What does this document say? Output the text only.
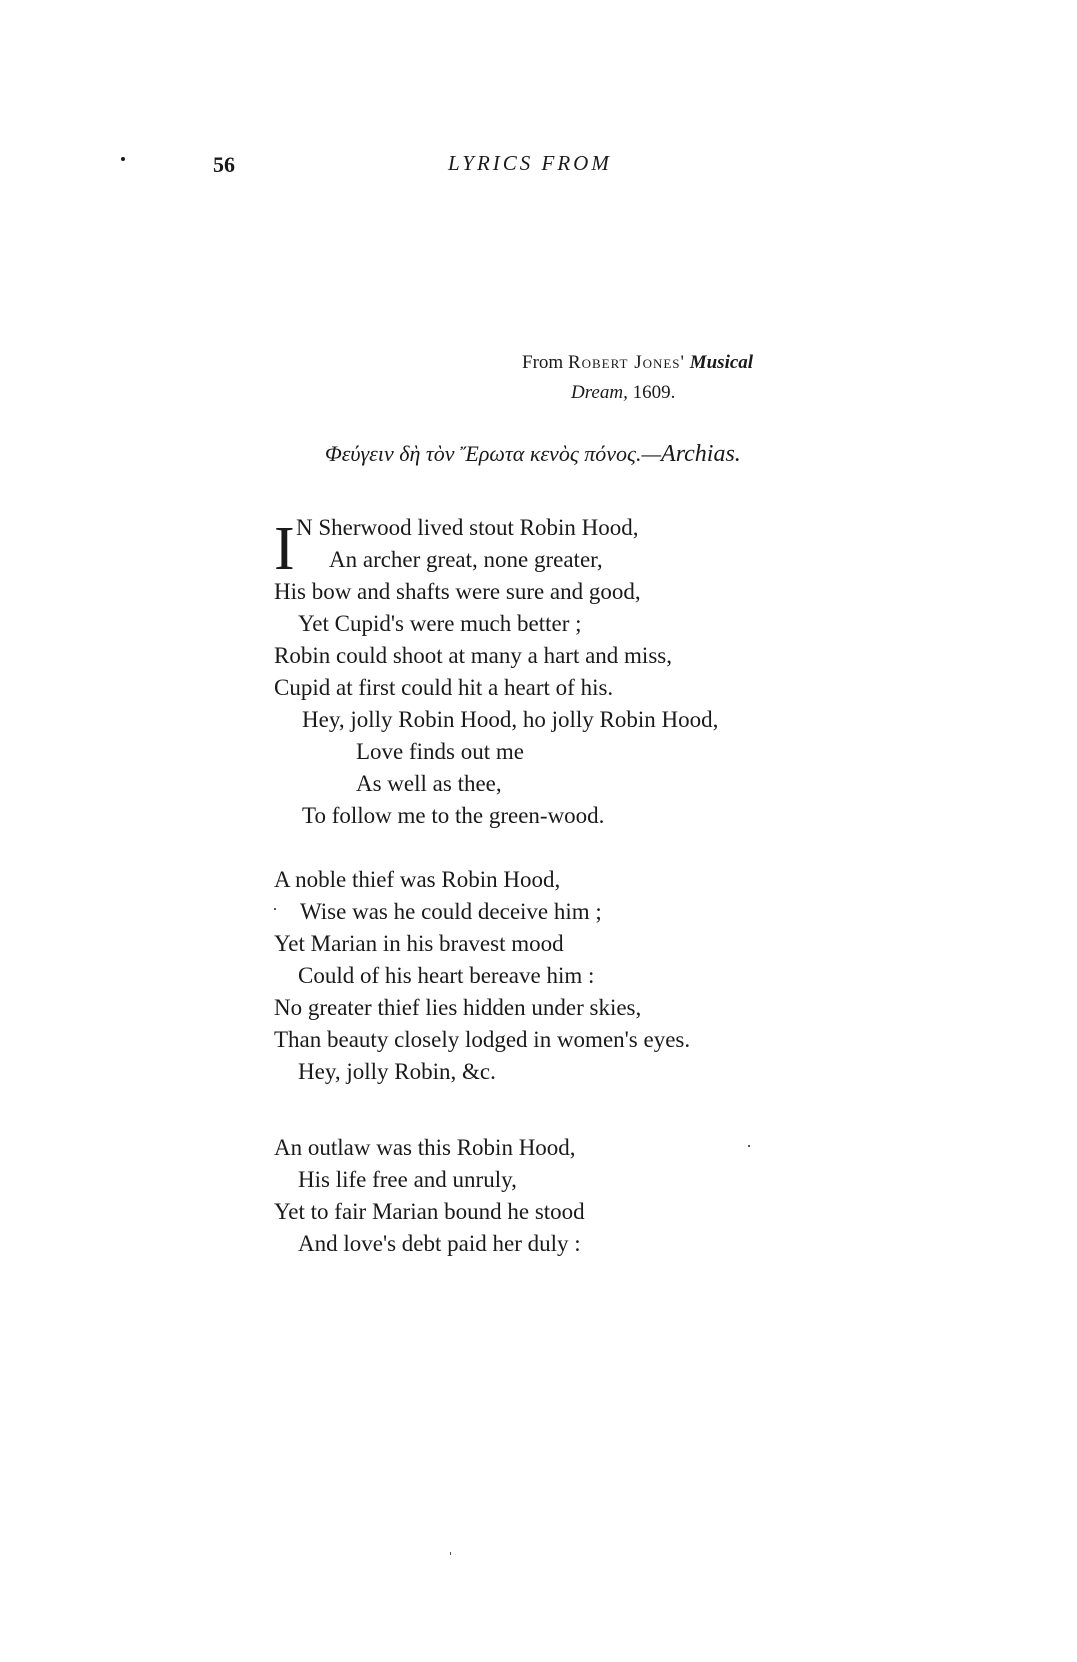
56	LYRICS FROM
From Robert Jones' Musical
Dream, 1609.
Φεύγειν δὴ τὸν Ἔρωτα κενὸς πόνος.—Archias.
I N Sherwood lived stout Robin Hood,
An archer great, none greater,
His bow and shafts were sure and good,
Yet Cupid's were much better ;
Robin could shoot at many a hart and miss,
Cupid at first could hit a heart of his.
Hey, jolly Robin Hood, ho jolly Robin Hood,
Love finds out me
As well as thee,
To follow me to the green-wood.
A noble thief was Robin Hood,
Wise was he could deceive him ;
Yet Marian in his bravest mood
Could of his heart bereave him :
No greater thief lies hidden under skies,
Than beauty closely lodged in women's eyes.
Hey, jolly Robin, &c.
An outlaw was this Robin Hood,
His life free and unruly,
Yet to fair Marian bound he stood
And love's debt paid her duly :
